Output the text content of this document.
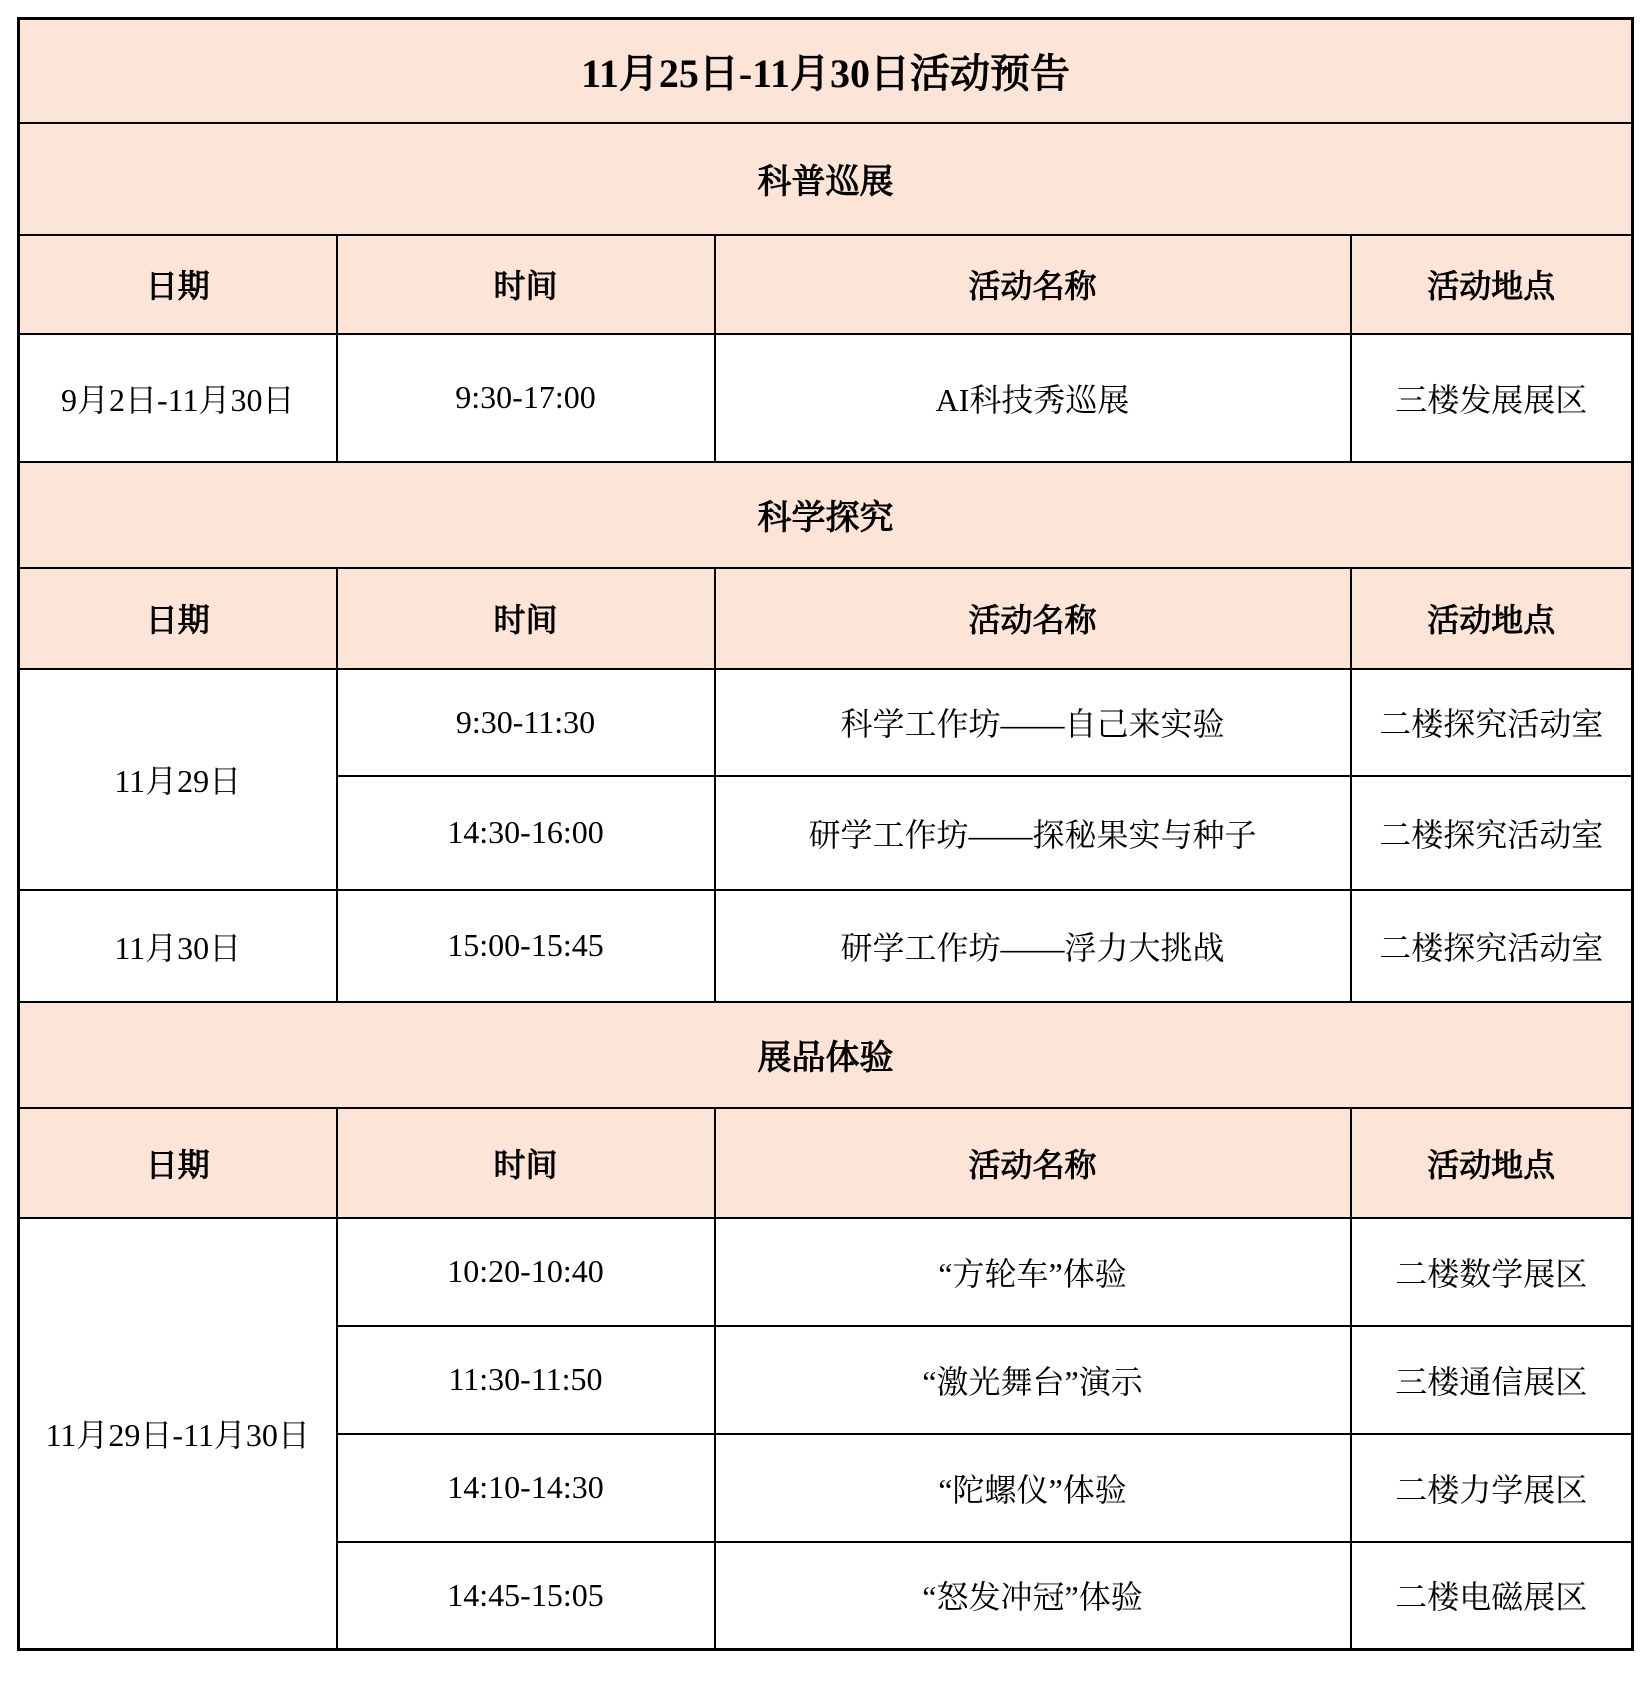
11月25日-11月30日活动预告			
科普巡展			
日期	时间	活动名称	活动地点
9月2日-11月30日	9:30-17:00	AI科技秀巡展	三楼发展展区
科学探究			
日期	时间	活动名称	活动地点
11月29日	9:30-11:30	科学工作坊——自己来实验	二楼探究活动室
	14:30-16:00	研学工作坊——探秘果实与种子	二楼探究活动室
11月30日	15:00-15:45	研学工作坊——浮力大挑战	二楼探究活动室
展品体验			
日期	时间	活动名称	活动地点
11月29日-11月30日	10:20-10:40	“方轮车”体验	二楼数学展区
	11:30-11:50	“激光舞台”演示	三楼通信展区
	14:10-14:30	“陀螺仪”体验	二楼力学展区
	14:45-15:05	“怒发冲冠”体验	二楼电磁展区
